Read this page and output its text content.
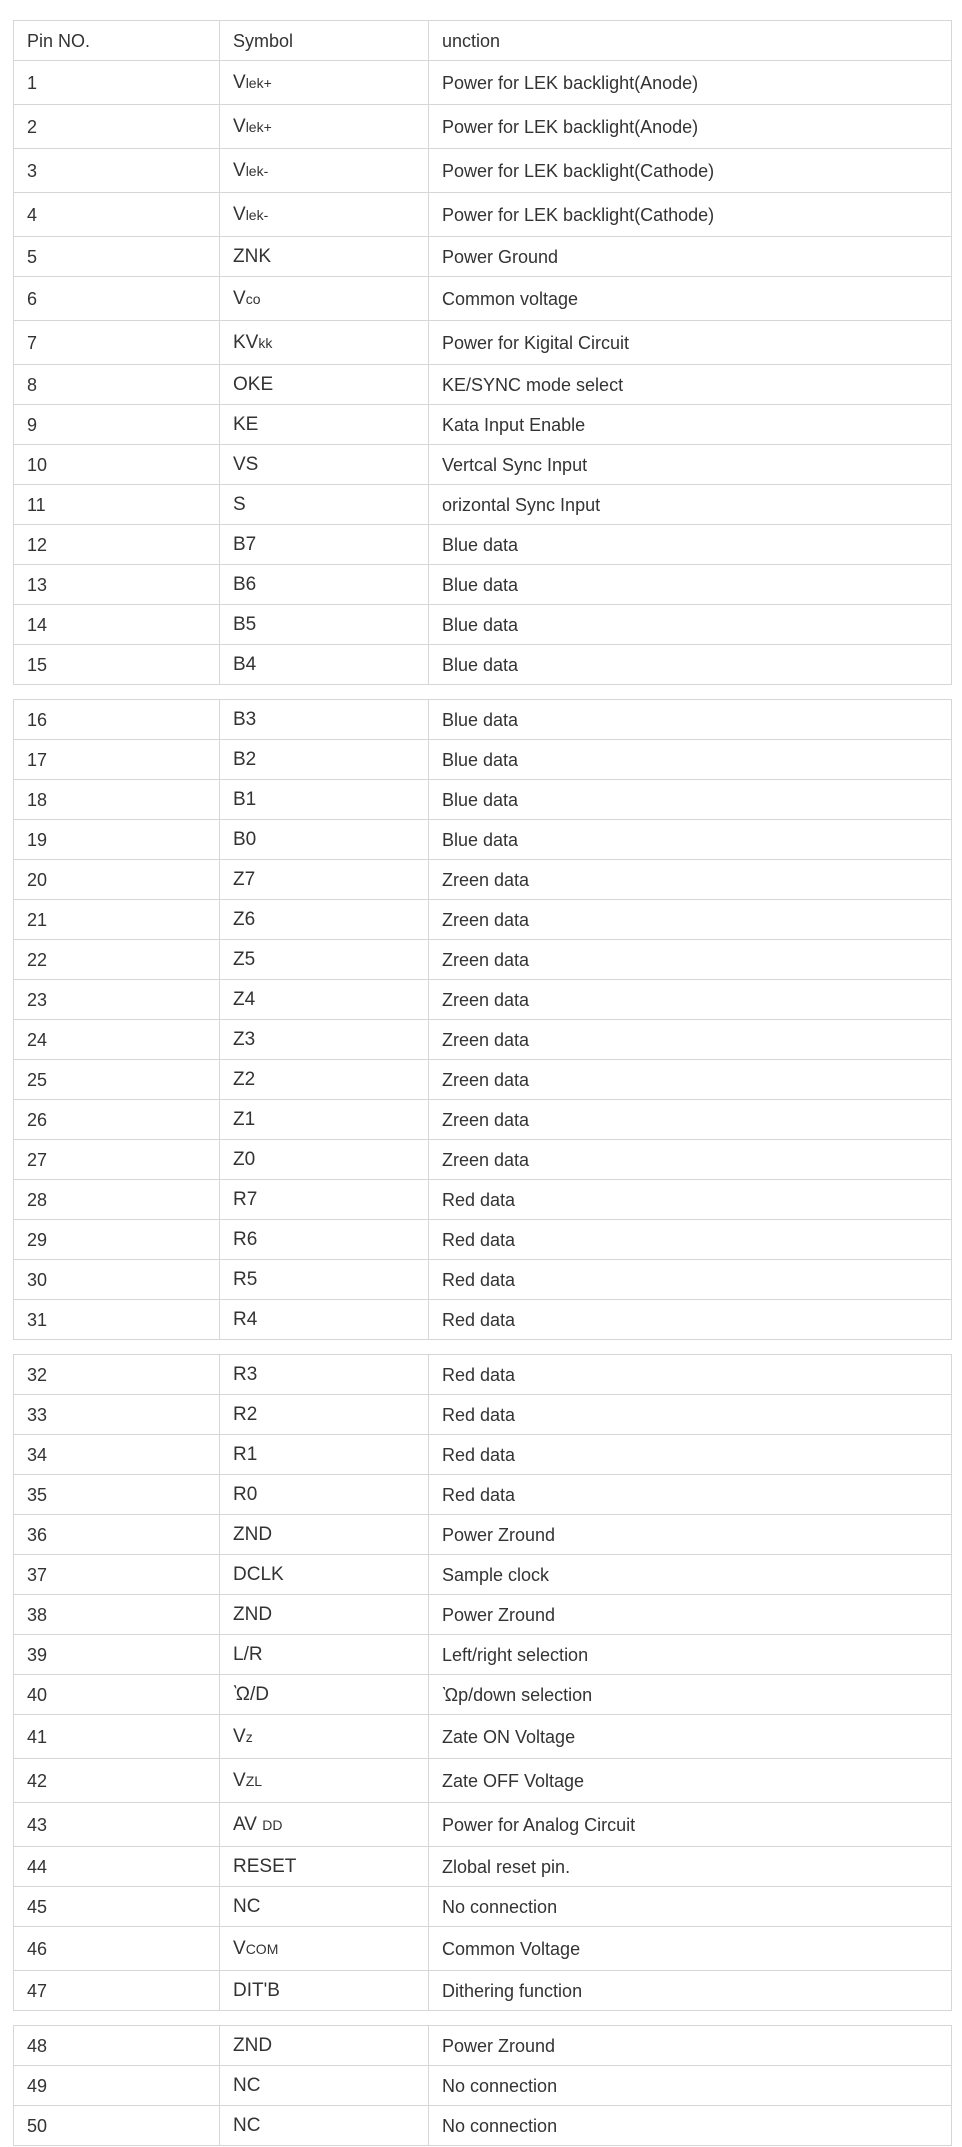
Pin NO.	Symbol	unction
1	Vlek+	Power for LEK backlight(Anode)
2	Vlek+	Power for LEK backlight(Anode)
3	Vlek-	Power for LEK backlight(Cathode)
4	Vlek-	Power for LEK backlight(Cathode)
5	ZNK	Power Ground
6	Vco	Common voltage
7	KVkk	Power for Kigital Circuit
8	OKE	KE/SYNC mode select
9	KE	Kata Input Enable
10	VS	Vertcal Sync Input
11	S	orizontal Sync Input
12	B7	Blue data
13	B6	Blue data
14	B5	Blue data
15	B4	Blue data
16	B3	Blue data
17	B2	Blue data
18	B1	Blue data
19	B0	Blue data
20	Z7	Zreen data
21	Z6	Zreen data
22	Z5	Zreen data
23	Z4	Zreen data
24	Z3	Zreen data
25	Z2	Zreen data
26	Z1	Zreen data
27	Z0	Zreen data
28	R7	Red data
29	R6	Red data
30	R5	Red data
31	R4	Red data
32	R3	Red data
33	R2	Red data
34	R1	Red data
35	R0	Red data
36	ZND	Power Zround
37	DCLK	Sample clock
38	ZND	Power Zround
39	L/R	Left/right selection
40	Ὼ/D	Ὼp/down selection
41	Vz	Zate ON Voltage
42	VZL	Zate OFF Voltage
43	AV DD	Power for Analog Circuit
44	RESET	Zlobal reset pin.
45	NC	No connection
46	VCOM	Common Voltage
47	DIT'B	Dithering function
48	ZND	Power Zround
49	NC	No connection
50	NC	No connection
